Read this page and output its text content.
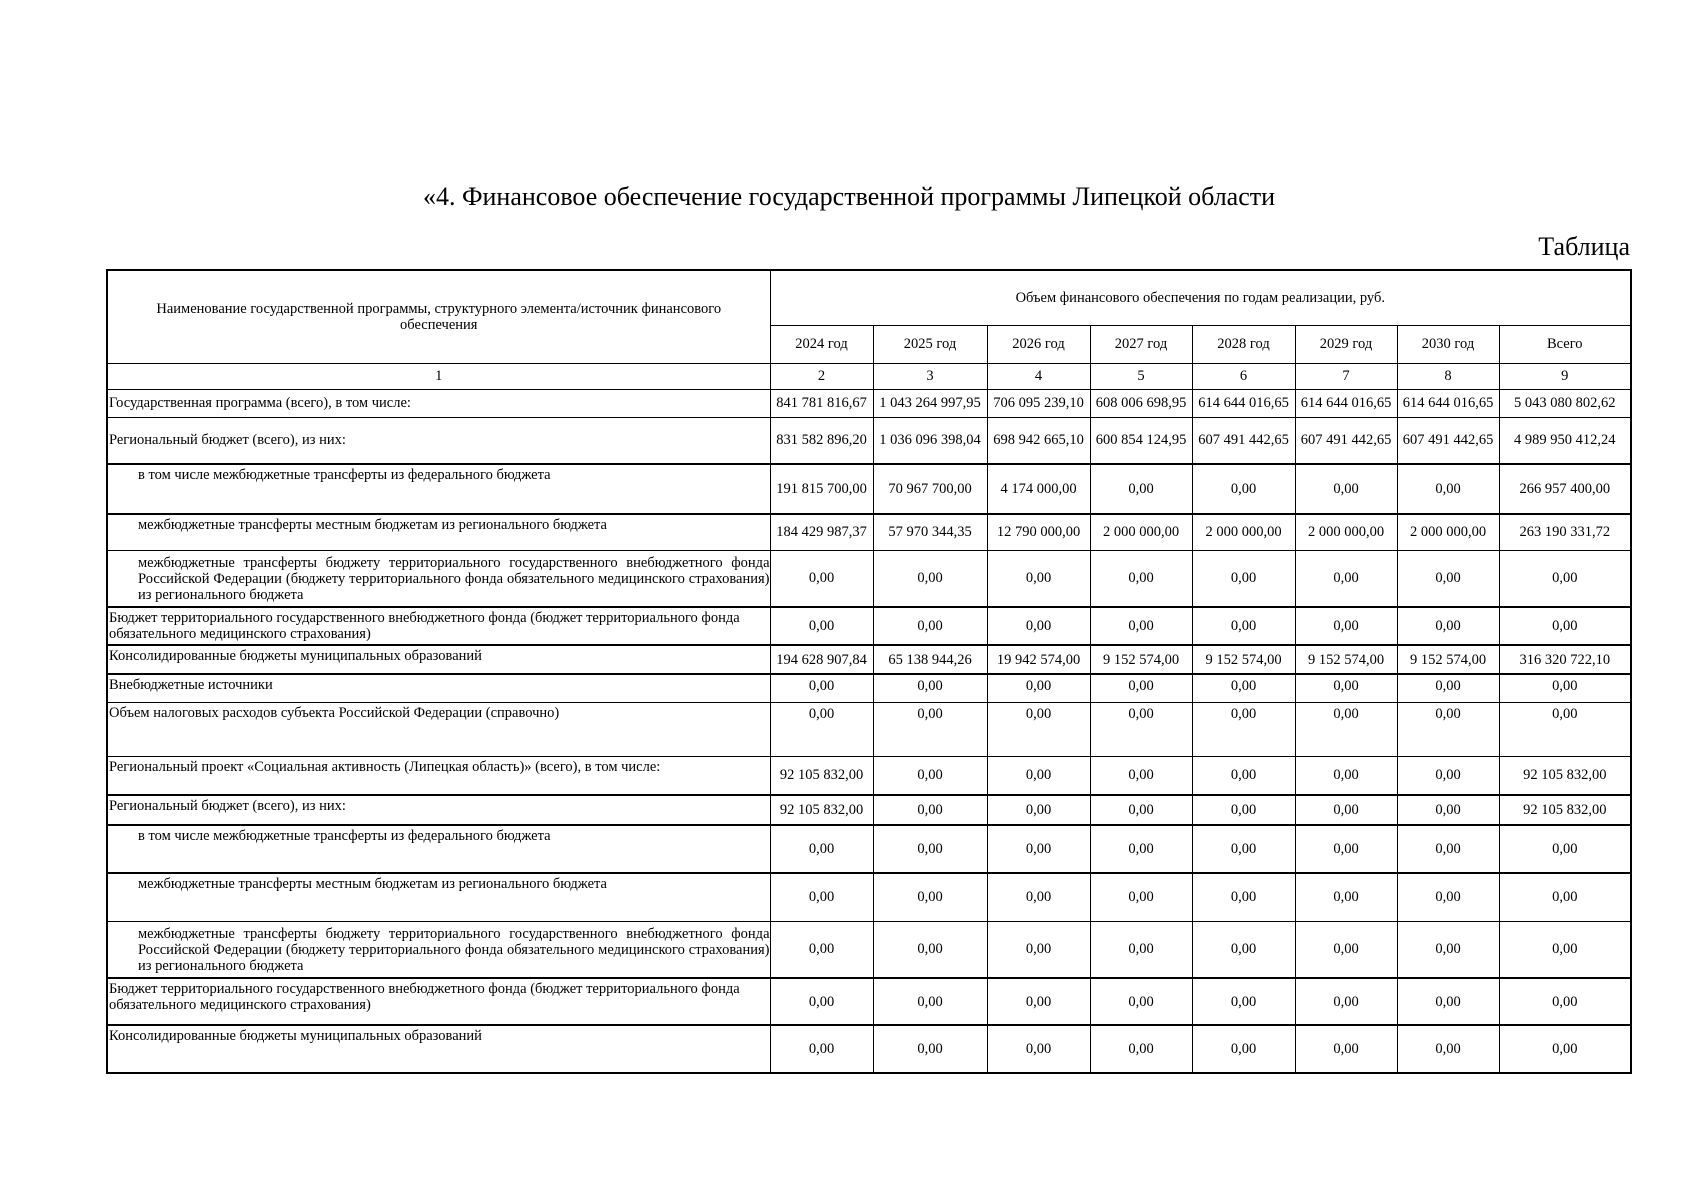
«4. Финансовое обеспечение государственной программы Липецкой области
Таблица
Наименование государственной программы, структурного элемента/источник финансового обеспечения	Объем финансового обеспечения по годам реализации, руб.							
	2024 год	2025 год	2026 год	2027 год	2028 год	2029 год	2030 год	Всего
1	2	3	4	5	6	7	8	9
Государственная программа (всего), в том числе:	841 781 816,67	1 043 264 997,95	706 095 239,10	608 006 698,95	614 644 016,65	614 644 016,65	614 644 016,65	5 043 080 802,62
Региональный бюджет (всего), из них:	831 582 896,20	1 036 096 398,04	698 942 665,10	600 854 124,95	607 491 442,65	607 491 442,65	607 491 442,65	4 989 950 412,24
в том числе межбюджетные трансферты из федерального бюджета	191 815 700,00	70 967 700,00	4 174 000,00	0,00	0,00	0,00	0,00	266 957 400,00
межбюджетные трансферты местным бюджетам из регионального бюджета	184 429 987,37	57 970 344,35	12 790 000,00	2 000 000,00	2 000 000,00	2 000 000,00	2 000 000,00	263 190 331,72
межбюджетные трансферты бюджету территориального государственного внебюджетного фонда Российской Федерации (бюджету территориального фонда обязательного медицинского страхования) из регионального бюджета	0,00	0,00	0,00	0,00	0,00	0,00	0,00	0,00
Бюджет территориального государственного внебюджетного фонда (бюджет территориального фонда обязательного медицинского страхования)	0,00	0,00	0,00	0,00	0,00	0,00	0,00	0,00
Консолидированные бюджеты муниципальных образований	194 628 907,84	65 138 944,26	19 942 574,00	9 152 574,00	9 152 574,00	9 152 574,00	9 152 574,00	316 320 722,10
Внебюджетные источники	0,00	0,00	0,00	0,00	0,00	0,00	0,00	0,00
Объем налоговых расходов субъекта Российской Федерации (справочно)	0,00	0,00	0,00	0,00	0,00	0,00	0,00	0,00
Региональный проект «Социальная активность (Липецкая область)» (всего), в том числе:	92 105 832,00	0,00	0,00	0,00	0,00	0,00	0,00	92 105 832,00
Региональный бюджет (всего), из них:	92 105 832,00	0,00	0,00	0,00	0,00	0,00	0,00	92 105 832,00
в том числе межбюджетные трансферты из федерального бюджета	0,00	0,00	0,00	0,00	0,00	0,00	0,00	0,00
межбюджетные трансферты местным бюджетам из регионального бюджета	0,00	0,00	0,00	0,00	0,00	0,00	0,00	0,00
межбюджетные трансферты бюджету территориального государственного внебюджетного фонда Российской Федерации (бюджету территориального фонда обязательного медицинского страхования) из регионального бюджета	0,00	0,00	0,00	0,00	0,00	0,00	0,00	0,00
Бюджет территориального государственного внебюджетного фонда (бюджет территориального фонда обязательного медицинского страхования)	0,00	0,00	0,00	0,00	0,00	0,00	0,00	0,00
Консолидированные бюджеты муниципальных образований	0,00	0,00	0,00	0,00	0,00	0,00	0,00	0,00
